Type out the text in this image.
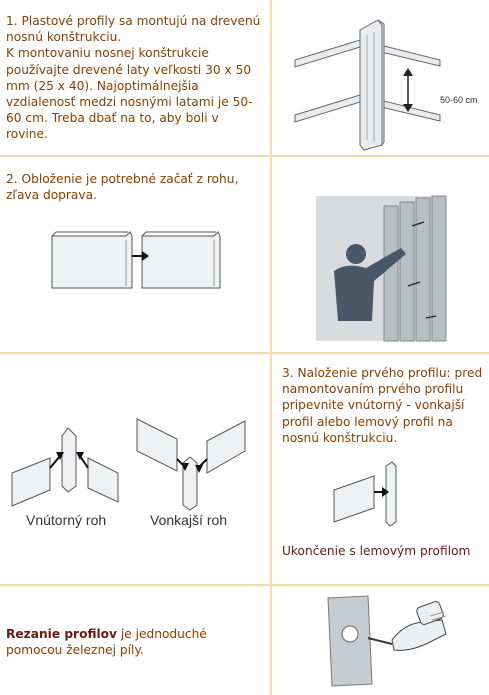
1. Plastové profily sa montujú na drevenú nosnú konštrukciu.
K montovaniu nosnej konštrukcie používajte drevené laty veľkosti 30 x 50 mm (25 x 40). Najoptimálnejšia vzdialenosť medzi nosnými latami je 50-60 cm. Treba dbať na to, aby boli v rovine.
50-60 cm
2. Obloženie je potrebné začať z rohu, zľava doprava.
3. Naloženie prvého profilu: pred namontovaním prvého profilu pripevnite vnútorný - vonkajší profil alebo lemový profil na nosnú konštrukciu.
Vnútorný roh	Vonkajší roh
Ukončenie s lemovým profilom
Rezanie profilov je jednoduché pomocou železnej píly.
